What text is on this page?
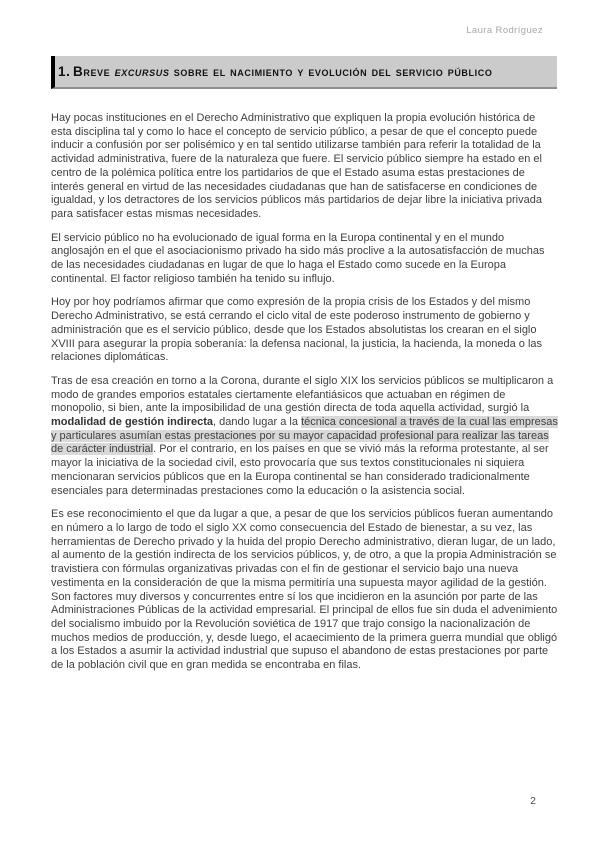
Laura Rodríguez
1. Breve excursus sobre el nacimiento y evolución del servicio público

Hay pocas instituciones en el Derecho Administrativo que expliquen la propia evolución histórica de esta disciplina tal y como lo hace el concepto de servicio público, a pesar de que el concepto puede inducir a confusión por ser polisémico y en tal sentido utilizarse también para referir la totalidad de la actividad administrativa, fuere de la naturaleza que fuere. El servicio público siempre ha estado en el centro de la polémica política entre los partidarios de que el Estado asuma estas prestaciones de interés general en virtud de las necesidades ciudadanas que han de satisfacerse en condiciones de igualdad, y los detractores de los servicios públicos más partidarios de dejar libre la iniciativa privada para satisfacer estas mismas necesidades.

El servicio público no ha evolucionado de igual forma en la Europa continental y en el mundo anglosajón en el que el asociacionismo privado ha sido más proclive a la autosatisfacción de muchas de las necesidades ciudadanas en lugar de que lo haga el Estado como sucede en la Europa continental. El factor religioso también ha tenido su influjo.

Hoy por hoy podríamos afirmar que como expresión de la propia crisis de los Estados y del mismo Derecho Administrativo, se está cerrando el ciclo vital de este poderoso instrumento de gobierno y administración que es el servicio público, desde que los Estados absolutistas los crearan en el siglo XVIII para asegurar la propia soberanía: la defensa nacional, la justicia, la hacienda, la moneda o las relaciones diplomáticas.

Tras de esa creación en torno a la Corona, durante el siglo XIX los servicios públicos se multiplicaron a modo de grandes emporios estatales ciertamente elefantiásicos que actuaban en régimen de monopolio, si bien, ante la imposibilidad de una gestión directa de toda aquella actividad, surgió la modalidad de gestión indirecta, dando lugar a la técnica concesional a través de la cual las empresas y particulares asumían estas prestaciones por su mayor capacidad profesional para realizar las tareas de carácter industrial. Por el contrario, en los países en que se vivió más la reforma protestante, al ser mayor la iniciativa de la sociedad civil, esto provocaría que sus textos constitucionales ni siquiera mencionaran servicios públicos que en la Europa continental se han considerado tradicionalmente esenciales para determinadas prestaciones como la educación o la asistencia social.

Es ese reconocimiento el que da lugar a que, a pesar de que los servicios públicos fueran aumentando en número a lo largo de todo el siglo XX como consecuencia del Estado de bienestar, a su vez, las herramientas de Derecho privado y la huida del propio Derecho administrativo, dieran lugar, de un lado, al aumento de la gestión indirecta de los servicios públicos, y, de otro, a que la propia Administración se travistiera con fórmulas organizativas privadas con el fin de gestionar el servicio bajo una nueva vestimenta en la consideración de que la misma permitiría una supuesta mayor agilidad de la gestión. Son factores muy diversos y concurrentes entre sí los que incidieron en la asunción por parte de las Administraciones Públicas de la actividad empresarial. El principal de ellos fue sin duda el advenimiento del socialismo imbuido por la Revolución soviética de 1917 que trajo consigo la nacionalización de muchos medios de producción, y, desde luego, el acaecimiento de la primera guerra mundial que obligó a los Estados a asumir la actividad industrial que supuso el abandono de estas prestaciones por parte de la población civil que en gran medida se encontraba en filas.

2
